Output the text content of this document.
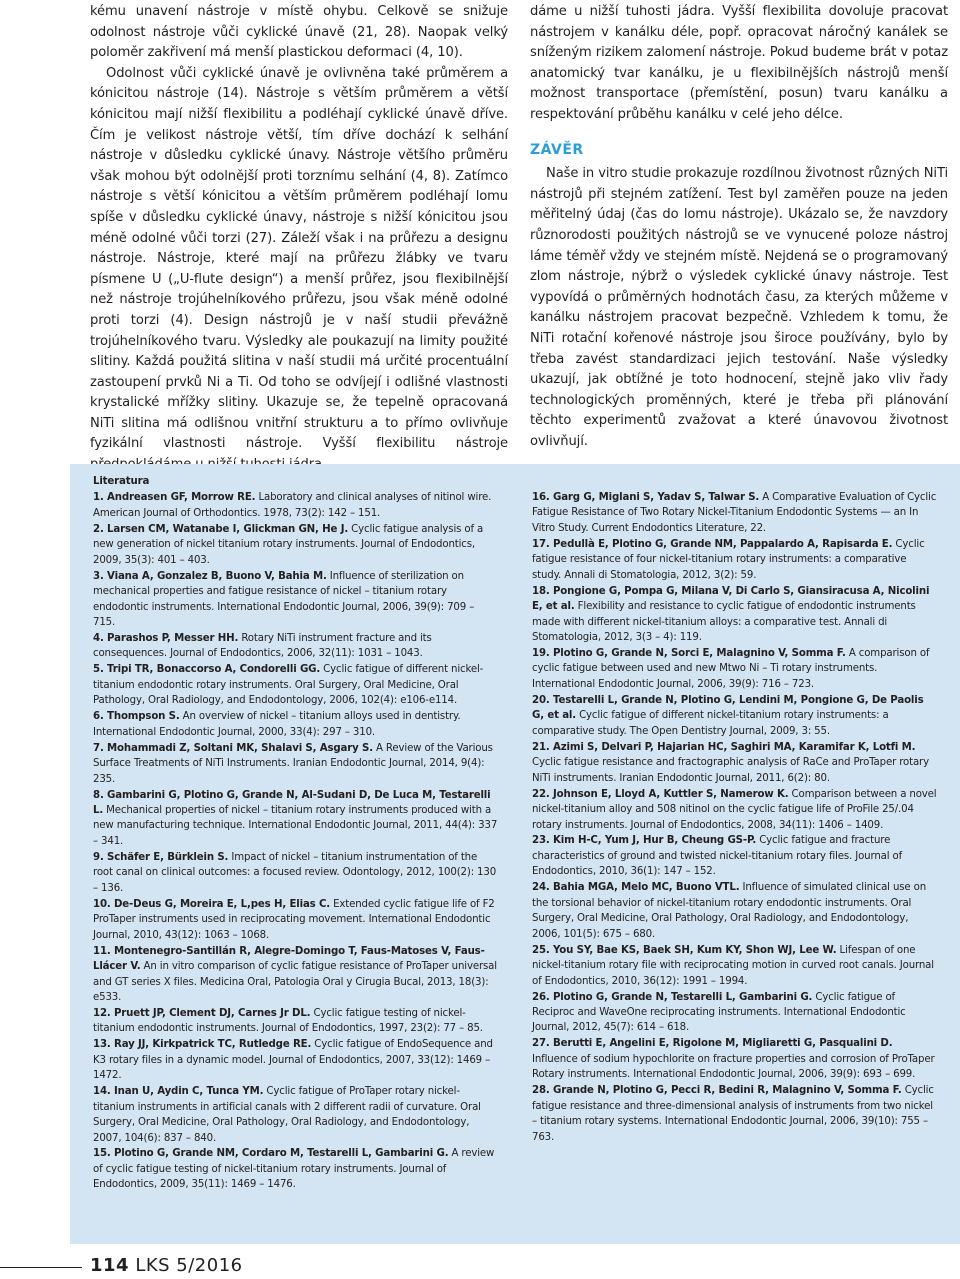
kému unavení nástroje v místě ohybu. Celkově se snižuje odolnost nástroje vůči cyklické únavě (21, 28). Naopak velký poloměr zakřivení má menší plastickou deformaci (4, 10).

Odolnost vůči cyklické únavě je ovlivněna také průměrem a kónicitou nástroje (14). Nástroje s větším průměrem a větší kónicitou mají nižší flexibilitu a podléhají cyklické únavě dříve. Čím je velikost nástroje větší, tím dříve dochází k selhání nástroje v důsledku cyklické únavy. Nástroje většího průměru však mohou být odolnější proti torznímu selhání (4, 8). Zatímco nástroje s větší kónicitou a větším průměrem podléhají lomu spíše v důsledku cyklické únavy, nástroje s nižší kónicitou jsou méně odolné vůči torzi (27). Záleží však i na průřezu a designu nástroje. Nástroje, které mají na průřezu žlábky ve tvaru písmene U („U-flute design“) a menší průřez, jsou flexibilnější než nástroje trojúhelníkového průřezu, jsou však méně odolné proti torzi (4). Design nástrojů je v naší studii převážně trojúhelníkového tvaru. Výsledky ale poukazují na limity použité slitiny. Každá použitá slitina v naší studii má určité procentuální zastoupení prvků Ni a Ti. Od toho se odvíjejí i odlišné vlastnosti krystalické mřížky slitiny. Ukazuje se, že tepelně opracovaná NiTi slitina má odlišnou vnitřní strukturu a to přímo ovlivňuje fyzikální vlastnosti nástroje. Vyšší flexibilitu nástroje

dáme u nižší tuhosti jádra. Vyšší flexibilita dovoluje pracovat nástrojem v kanálku déle, popř. opracovat náročný kanálek se sníženým rizikem zalomení nástroje. Pokud budeme brát v potaz anatomický tvar kanálku, je u flexibilnějších nástrojů menší možnost transportace (přemístění, posun) tvaru kanálku a respektování průběhu kanálku v celé jeho délce.

ZÁVĚR

Naše in vitro studie prokazuje rozdílnou životnost různých NiTi nástrojů při stejném zatížení. Test byl zaměřen pouze na jeden měřitelný údaj (čas do lomu nástroje). Ukázalo se, že navzdory různorodosti použitých nástrojů se ve vynucené poloze nástroj láme téměř vždy ve stejném místě. Nejdená se o programovaný zlom nástroje, nýbrž o výsledek cyklické únavy nástroje. Test vypovídá o průměrných hodnotách času, za kterých můžeme v kanálku nástrojem pracovat bezpečně. Vzhledem k tomu, že NiTi rotační kořenové nástroje jsou široce používány, bylo by třeba zavést standardizaci jejich testování. Naše výsledky ukazují, jak obtížné je toto hodnocení, stejně jako vliv řady technologických proměnných, které je třeba při plánování těchto experimentů zvažovat a které únavovou životnost ovlivňují.

Literatura
1. Andreasen GF, Morrow RE. Laboratory and clinical analyses of nitinol wire. American Journal of Orthodontics. 1978, 73(2): 142 – 151.
2. Larsen CM, Watanabe I, Glickman GN, He J. Cyclic fatigue analysis of a new generation of nickel titanium rotary instruments. Journal of Endodontics, 2009, 35(3): 401 – 403.
3. Viana A, Gonzalez B, Buono V, Bahia M. Influence of sterilization on mechanical properties and fatigue resistance of nickel – titanium rotary endodontic instruments. International Endodontic Journal, 2006, 39(9): 709 – 715.
4. Parashos P, Messer HH. Rotary NiTi instrument fracture and its consequences. Journal of Endodontics, 2006, 32(11): 1031 – 1043.
5. Tripi TR, Bonaccorso A, Condorelli GG. Cyclic fatigue of different nickel-titanium endodontic rotary instruments. Oral Surgery, Oral Medicine, Oral Pathology, Oral Radiology, and Endodontology, 2006, 102(4): e106-e114.
6. Thompson S. An overview of nickel – titanium alloys used in dentistry. International Endodontic Journal, 2000, 33(4): 297 – 310.
7. Mohammadi Z, Soltani MK, Shalavi S, Asgary S. A Review of the Various Surface Treatments of NiTi Instruments. Iranian Endodontic Journal, 2014, 9(4): 235.
8. Gambarini G, Plotino G, Grande N, Al-Sudani D, De Luca M, Testarelli L. Mechanical properties of nickel – titanium rotary instruments produced with a new manufacturing technique. International Endodontic Journal, 2011, 44(4): 337 – 341.
9. Schäfer E, Bürklein S. Impact of nickel – titanium instrumentation of the root canal on clinical outcomes: a focused review. Odontology, 2012, 100(2): 130 – 136.
10. De-Deus G, Moreira E, L,pes H, Elias C. Extended cyclic fatigue life of F2 ProTaper instruments used in reciprocating movement. International Endodontic Journal, 2010, 43(12): 1063 – 1068.
11. Montenegro-Santillán R, Alegre-Domingo T, Faus-Matoses V, Faus-Llácer V. An in vitro comparison of cyclic fatigue resistance of ProTaper universal and GT series X files. Medicina Oral, Patologia Oral y Cirugia Bucal, 2013, 18(3): e533.
12. Pruett JP, Clement DJ, Carnes Jr DL. Cyclic fatigue testing of nickel-titanium endodontic instruments. Journal of Endodontics, 1997, 23(2): 77 – 85.
13. Ray JJ, Kirkpatrick TC, Rutledge RE. Cyclic fatigue of EndoSequence and K3 rotary files in a dynamic model. Journal of Endodontics, 2007, 33(12): 1469 – 1472.
14. Inan U, Aydin C, Tunca YM. Cyclic fatigue of ProTaper rotary nickel-titanium instruments in artificial canals with 2 different radii of curvature. Oral Surgery, Oral Medicine, Oral Pathology, Oral Radiology, and Endodontology, 2007, 104(6): 837 – 840.
15. Plotino G, Grande NM, Cordaro M, Testarelli L, Gambarini G. A review of cyclic fatigue testing of nickel-titanium rotary instruments. Journal of Endodontics, 2009, 35(11): 1469 – 1476.
16. Garg G, Miglani S, Yadav S, Talwar S. A Comparative Evaluation of Cyclic Fatigue Resistance of Two Rotary Nickel-Titanium Endodontic Systems — an In Vitro Study. Current Endodontics Literature, 22.
17. Pedullà E, Plotino G, Grande NM, Pappalardo A, Rapisarda E. Cyclic fatigue resistance of four nickel-titanium rotary instruments: a comparative study. Annali di Stomatologia, 2012, 3(2): 59.
18. Pongione G, Pompa G, Milana V, Di Carlo S, Giansiracusa A, Nicolini E, et al. Flexibility and resistance to cyclic fatigue of endodontic instruments made with different nickel-titanium alloys: a comparative test. Annali di Stomatologia, 2012, 3(3 – 4): 119.
19. Plotino G, Grande N, Sorci E, Malagnino V, Somma F. A comparison of cyclic fatigue between used and new Mtwo Ni – Ti rotary instruments. International Endodontic Journal, 2006, 39(9): 716 – 723.
20. Testarelli L, Grande N, Plotino G, Lendini M, Pongione G, De Paolis G, et al. Cyclic fatigue of different nickel-titanium rotary instruments: a comparative study. The Open Dentistry Journal, 2009, 3: 55.
21. Azimi S, Delvari P, Hajarian HC, Saghiri MA, Karamifar K, Lotfi M. Cyclic fatigue resistance and fractographic analysis of RaCe and ProTaper rotary NiTi instruments. Iranian Endodontic Journal, 2011, 6(2): 80.
22. Johnson E, Lloyd A, Kuttler S, Namerow K. Comparison between a novel nickel-titanium alloy and 508 nitinol on the cyclic fatigue life of ProFile 25/.04 rotary instruments. Journal of Endodontics, 2008, 34(11): 1406 – 1409.
23. Kim H-C, Yum J, Hur B, Cheung GS-P. Cyclic fatigue and fracture characteristics of ground and twisted nickel-titanium rotary files. Journal of Endodontics, 2010, 36(1): 147 – 152.
24. Bahia MGA, Melo MC, Buono VTL. Influence of simulated clinical use on the torsional behavior of nickel-titanium rotary endodontic instruments. Oral Surgery, Oral Medicine, Oral Pathology, Oral Radiology, and Endodontology, 2006, 101(5): 675 – 680.
25. You SY, Bae KS, Baek SH, Kum KY, Shon WJ, Lee W. Lifespan of one nickel-titanium rotary file with reciprocating motion in curved root canals. Journal of Endodontics, 2010, 36(12): 1991 – 1994.
26. Plotino G, Grande N, Testarelli L, Gambarini G. Cyclic fatigue of Reciproc and WaveOne reciprocating instruments. International Endodontic Journal, 2012, 45(7): 614 – 618.
27. Berutti E, Angelini E, Rigolone M, Migliaretti G, Pasqualini D. Influence of sodium hypochlorite on fracture properties and corrosion of ProTaper Rotary instruments. International Endodontic Journal, 2006, 39(9): 693 – 699.
28. Grande N, Plotino G, Pecci R, Bedini R, Malagnino V, Somma F. Cyclic fatigue resistance and three-dimensional analysis of instruments from two nickel – titanium rotary systems. International Endodontic Journal, 2006, 39(10): 755 – 763.
114 LKS 5/2016
